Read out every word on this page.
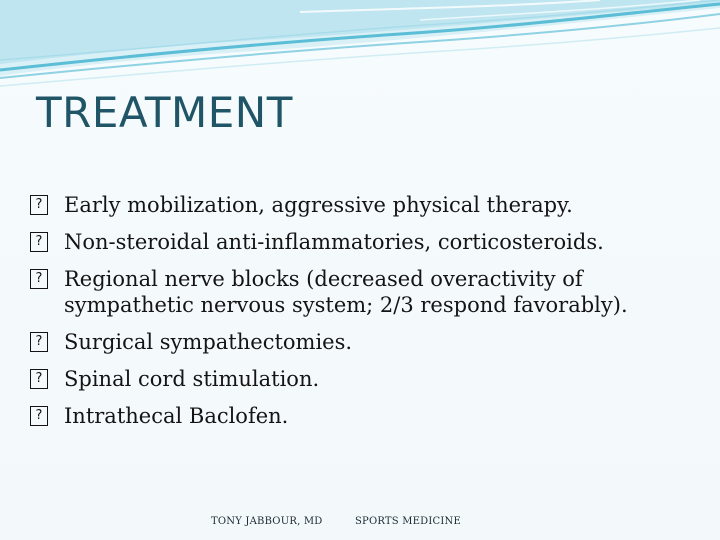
TREATMENT
? Early mobilization, aggressive physical therapy.
? Non-steroidal anti-inflammatories, corticosteroids.
? Regional nerve blocks (decreased overactivity of sympathetic nervous system; 2/3 respond favorably).
? Surgical sympathectomies.
? Spinal cord stimulation.
? Intrathecal Baclofen.
TONY JABBOUR, MD	SPORTS MEDICINE
